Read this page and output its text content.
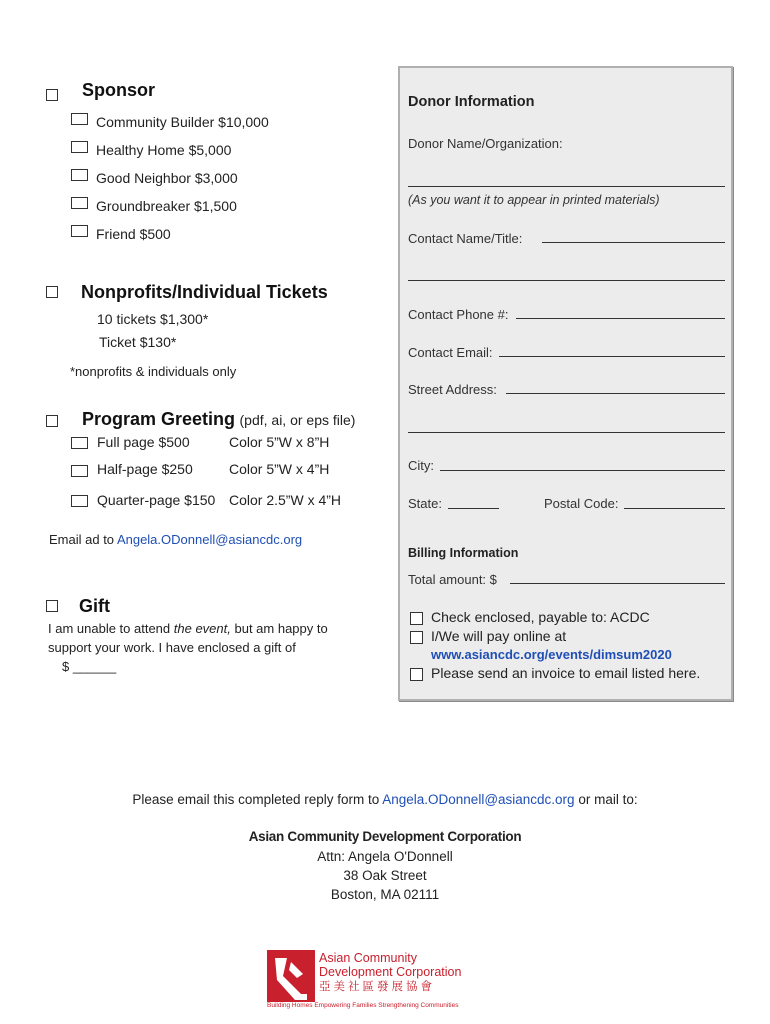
Sponsor
Community Builder $10,000
Healthy Home $5,000
Good Neighbor $3,000
Groundbreaker $1,500
Friend $500
Nonprofits/Individual Tickets
10 tickets $1,300*
Ticket $130*
*nonprofits & individuals only
Program Greeting (pdf, ai, or eps file)
Full page $500	Color 5”W x 8”H
Half-page $250	Color 5”W x 4”H
Quarter-page $150 Color 2.5”W x 4”H
Email ad to Angela.ODonnell@asiancdc.org
Gift
I am unable to attend the event, but am happy to
support your work. I have enclosed a gift of
$ ______
Donor Information
Donor Name/Organization:
(As you want it to appear in printed materials)
Contact Name/Title:
Contact Phone #:
Contact Email:
Street Address:
City:
State:	Postal Code:
Billing Information
Total amount: $
Check enclosed, payable to: ACDC
I/We will pay online at
www.asiancdc.org/events/dimsum2020
Please send an invoice to email listed here.
Please email this completed reply form to Angela.ODonnell@asiancdc.org or mail to:
Asian Community Development Corporation
Attn: Angela O'Donnell
38 Oak Street
Boston, MA 02111
Asian Community
Development Corporation
亞美社區發展協會
Building Homes Empowering Families Strengthening Communities
